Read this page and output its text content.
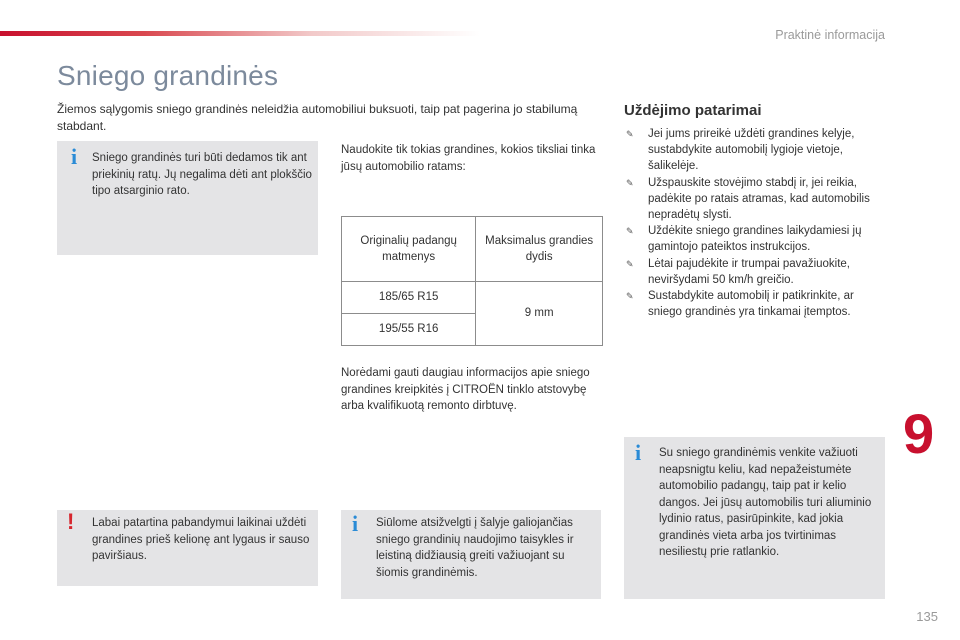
Praktinė informacija
Sniego grandinės

Žiemos sąlygomis sniego grandinės neleidžia automobiliui buksuoti, taip pat pagerina jo stabilumą stabdant.

i Sniego grandinės turi būti dedamos tik ant priekinių ratų. Jų negalima dėti ant plokščio tipo atsarginio rato.

! Labai patartina pabandymui laikinai uždėti grandines prieš kelionę ant lygaus ir sauso paviršiaus.

Naudokite tik tokias grandines, kokios tiksliai tinka jūsų automobilio ratams:

Originalių padangų matmenys	Maksimalus grandies dydis
185/65 R15	9 mm
195/55 R16	

Norėdami gauti daugiau informacijos apie sniego grandines kreipkitės į CITROËN tinklo atstovybę arba kvalifikuotą remonto dirbtuvę.

i Siūlome atsižvelgti į šalyje galiojančias sniego grandinių naudojimo taisykles ir leistiną didžiausią greiti važiuojant su šiomis grandinėmis.

Uždėjimo patarimai
✎ Jei jums prireikė uždėti grandines kelyje, sustabdykite automobilį lygioje vietoje, šalikelėje.
✎ Užspauskite stovėjimo stabdį ir, jei reikia, padėkite po ratais atramas, kad automobilis nepradėtų slysti.
✎ Uždėkite sniego grandines laikydamiesi jų gamintojo pateiktos instrukcijos.
✎ Lėtai pajudėkite ir trumpai pavažiuokite, neviršydami 50 km/h greičio.
✎ Sustabdykite automobilį ir patikrinkite, ar sniego grandinės yra tinkamai įtemptos.
i Su sniego grandinėmis venkite važiuoti neapsnigtu keliu, kad nepažeistumėte automobilio padangų, taip pat ir kelio dangos. Jei jūsų automobilis turi aliuminio lydinio ratus, pasirūpinkite, kad jokia grandinės vieta arba jos tvirtinimas nesiliestų prie ratlankio.

9
135
